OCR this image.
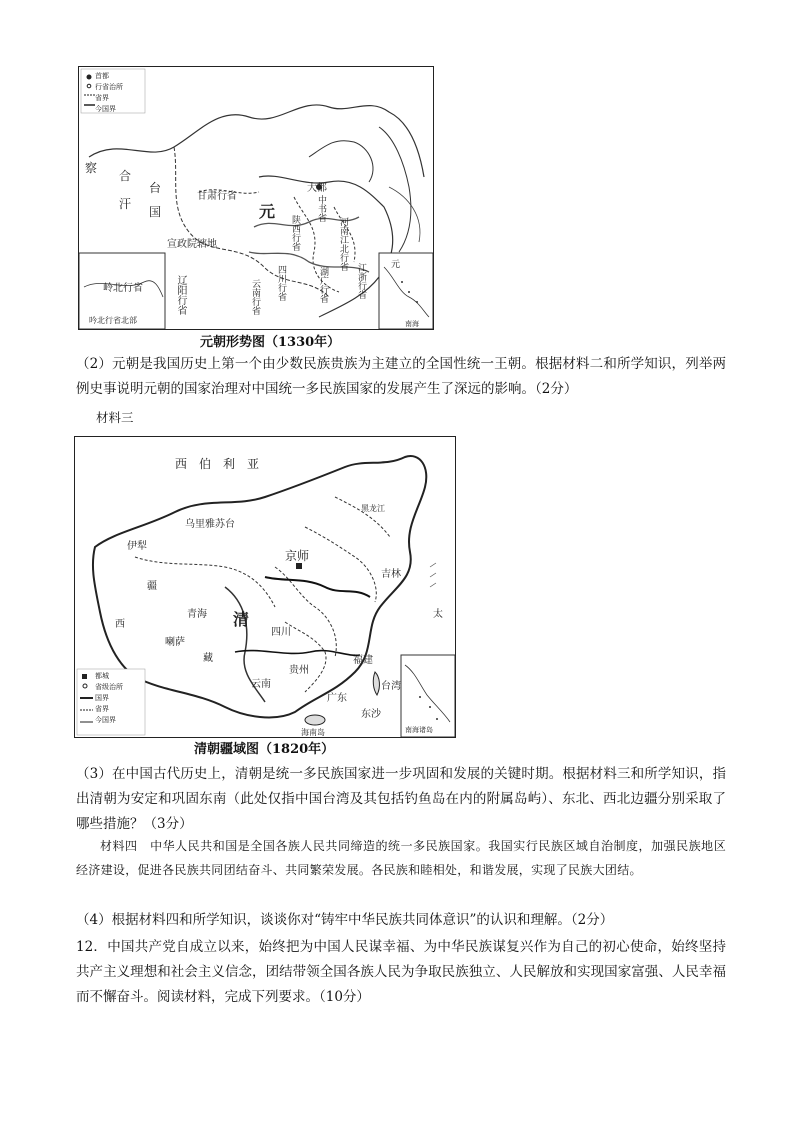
首都
行省治所
省界
今国界
察
合
台
汗
国	元
大都
甘肃行省
宣政院辖地
岭北行省
吟北行省北部
辽阳行省
陕西行省
中书省
河南江北行省
四川行省	江浙行省
湖广行省
云南行省
元
南海
元朝形势图（1330年）
（2）元朝是我国历史上第一个由少数民族贵族为主建立的全国性统一王朝。根据材料二和所学知识，列举两例史事说明元朝的国家治理对中国统一多民族国家的发展产生了深远的影响。（2分）
材料三
都城
省级治所
国界
省界
今国界
西　伯　利　亚
乌里雅苏台
伊犁
京师
清
喇萨
疆
西
藏
青海
四川
云南
贵州
广东
福建
吉林
黑龙江
台湾
东沙
海南岛
太
南海诸岛
清朝疆域图（1820年）
（3）在中国古代历史上，清朝是统一多民族国家进一步巩固和发展的关键时期。根据材料三和所学知识，指出清朝为安定和巩固东南（此处仅指中国台湾及其包括钓鱼岛在内的附属岛屿）、东北、西北边疆分别采取了哪些措施？（3分）
材料四　中华人民共和国是全国各族人民共同缔造的统一多民族国家。我国实行民族区域自治制度，加强民族地区经济建设，促进各民族共同团结奋斗、共同繁荣发展。各民族和睦相处，和谐发展，实现了民族大团结。
（4）根据材料四和所学知识，谈谈你对“铸牢中华民族共同体意识”的认识和理解。（2分）
12．中国共产党自成立以来，始终把为中国人民谋幸福、为中华民族谋复兴作为自己的初心使命，始终坚持共产主义理想和社会主义信念，团结带领全国各族人民为争取民族独立、人民解放和实现国家富强、人民幸福而不懈奋斗。阅读材料，完成下列要求。（10分）
